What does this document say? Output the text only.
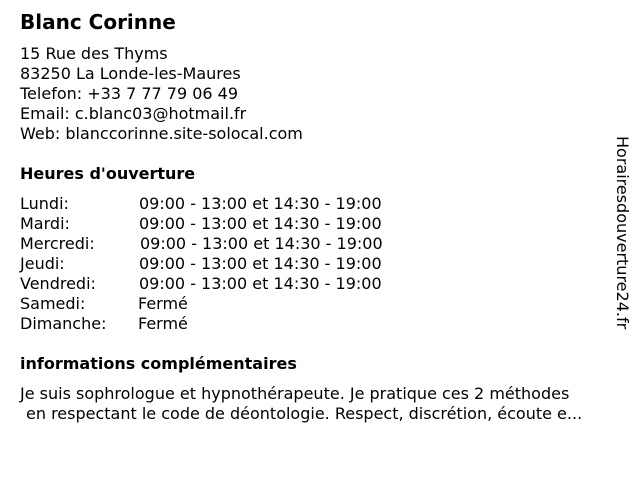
Blanc Corinne
15 Rue des Thyms
83250 La Londe-les-Maures
Telefon: +33 7 77 79 06 49
Email: c.blanc03@hotmail.fr
Web: blanccorinne.site-solocal.com
Heures d'ouverture
Lundi:	09:00 - 13:00 et 14:30 - 19:00
Mardi:	09:00 - 13:00 et 14:30 - 19:00
Mercredi:	09:00 - 13:00 et 14:30 - 19:00
Jeudi:	09:00 - 13:00 et 14:30 - 19:00
Vendredi:	09:00 - 13:00 et 14:30 - 19:00
Samedi:	Fermé
Dimanche: Fermé
informations complémentaires
Je suis sophrologue et hypnothérapeute. Je pratique ces 2 méthodes
en respectant le code de déontologie. Respect, discrétion, écoute e...
Horairesdouverture24.fr
